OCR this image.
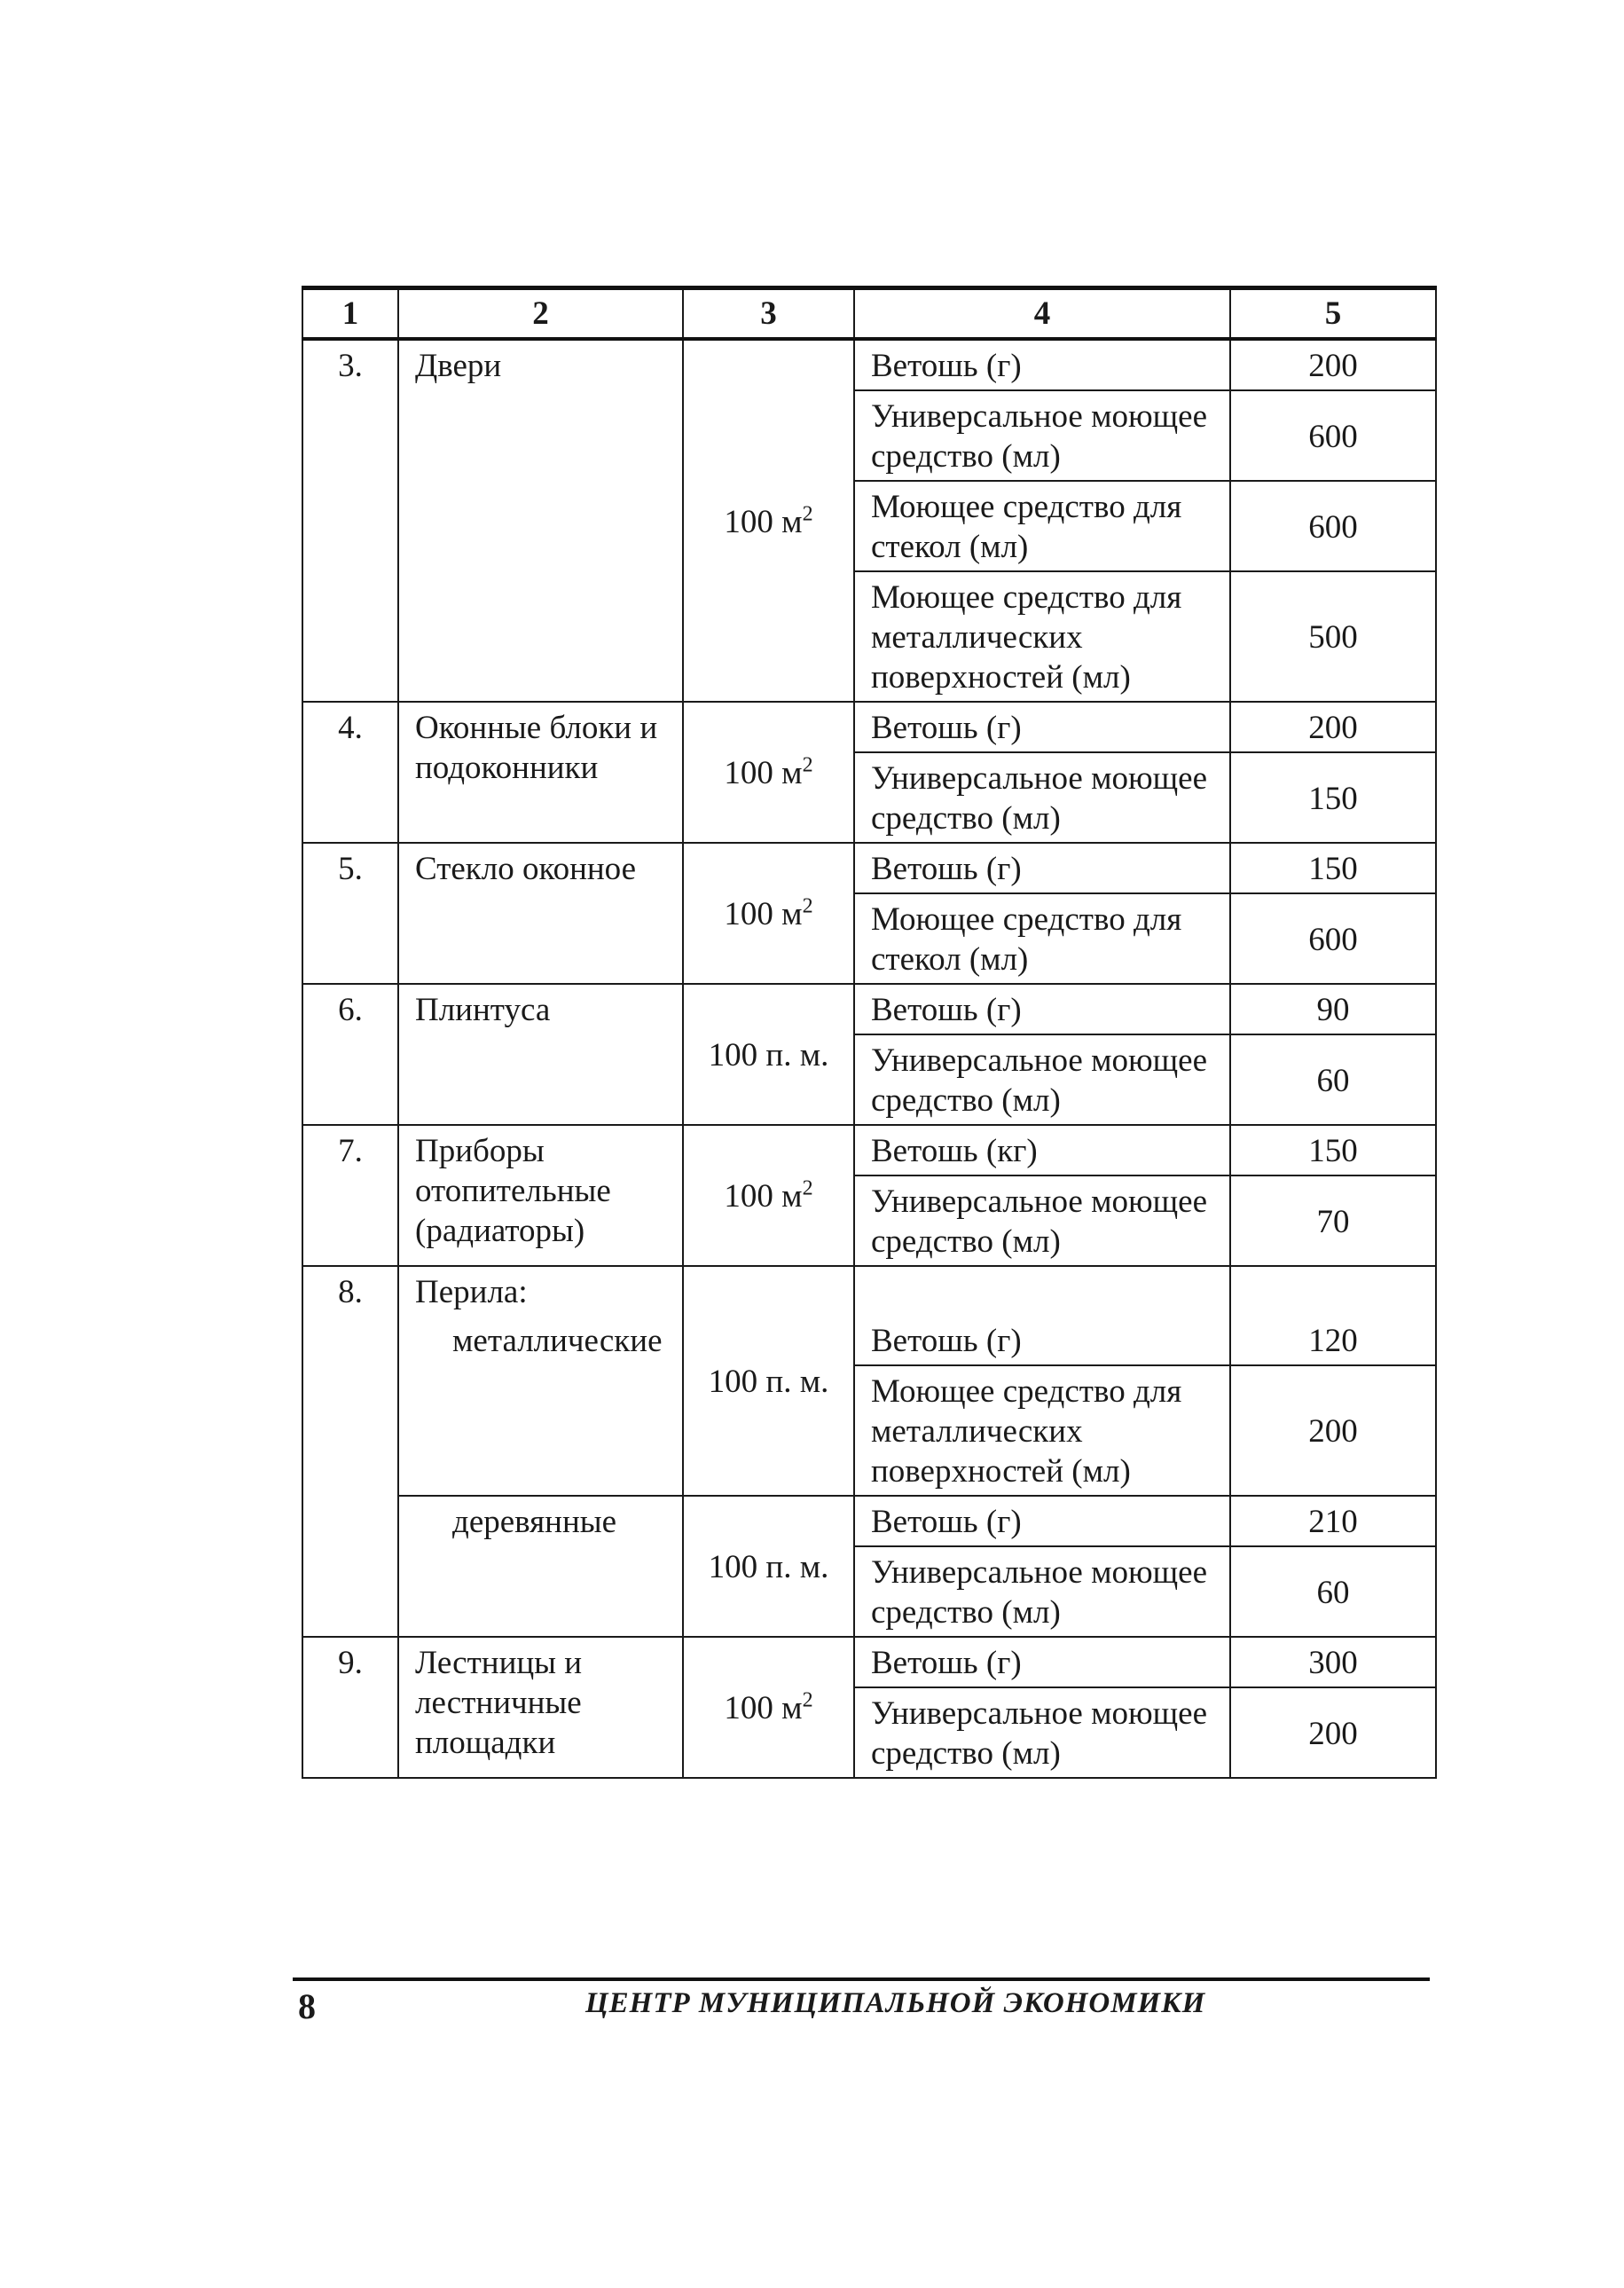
1	2	3	4	5
3.	Двери	100 $м^2$	Ветошь (г)	200
			Универсальное моющее средство (мл)	600
			Моющее средство для стекол (мл)	600
			Моющее средство для металлических поверхностей (мл)	500
4.	Оконные блоки и подоконники	100 $м^2$	Ветошь (г)	200
			Универсальное моющее средство (мл)	150
5.	Стекло оконное	100 $м^2$	Ветошь (г)	150
			Моющее средство для стекол (мл)	600
6.	Плинтуса	100 п. м.	Ветошь (г)	90
			Универсальное моющее средство (мл)	60
7.	Приборы отопительные (радиаторы)	100 $м^2$	Ветошь (кг)	150
			Универсальное моющее средство (мл)	70
8.	Перила:	100 п. м.		
	металлические		Ветошь (г)	120
			Моющее средство для металлических поверхностей (мл)	200
	деревянные	100 п. м.	Ветошь (г)	210
			Универсальное моющее средство (мл)	60
9.	Лестницы и лестничные площадки	100 $м^2$	Ветошь (г)	300
			Универсальное моющее средство (мл)	200
8	ЦЕНТР МУНИЦИПАЛЬНОЙ ЭКОНОМИКИ
